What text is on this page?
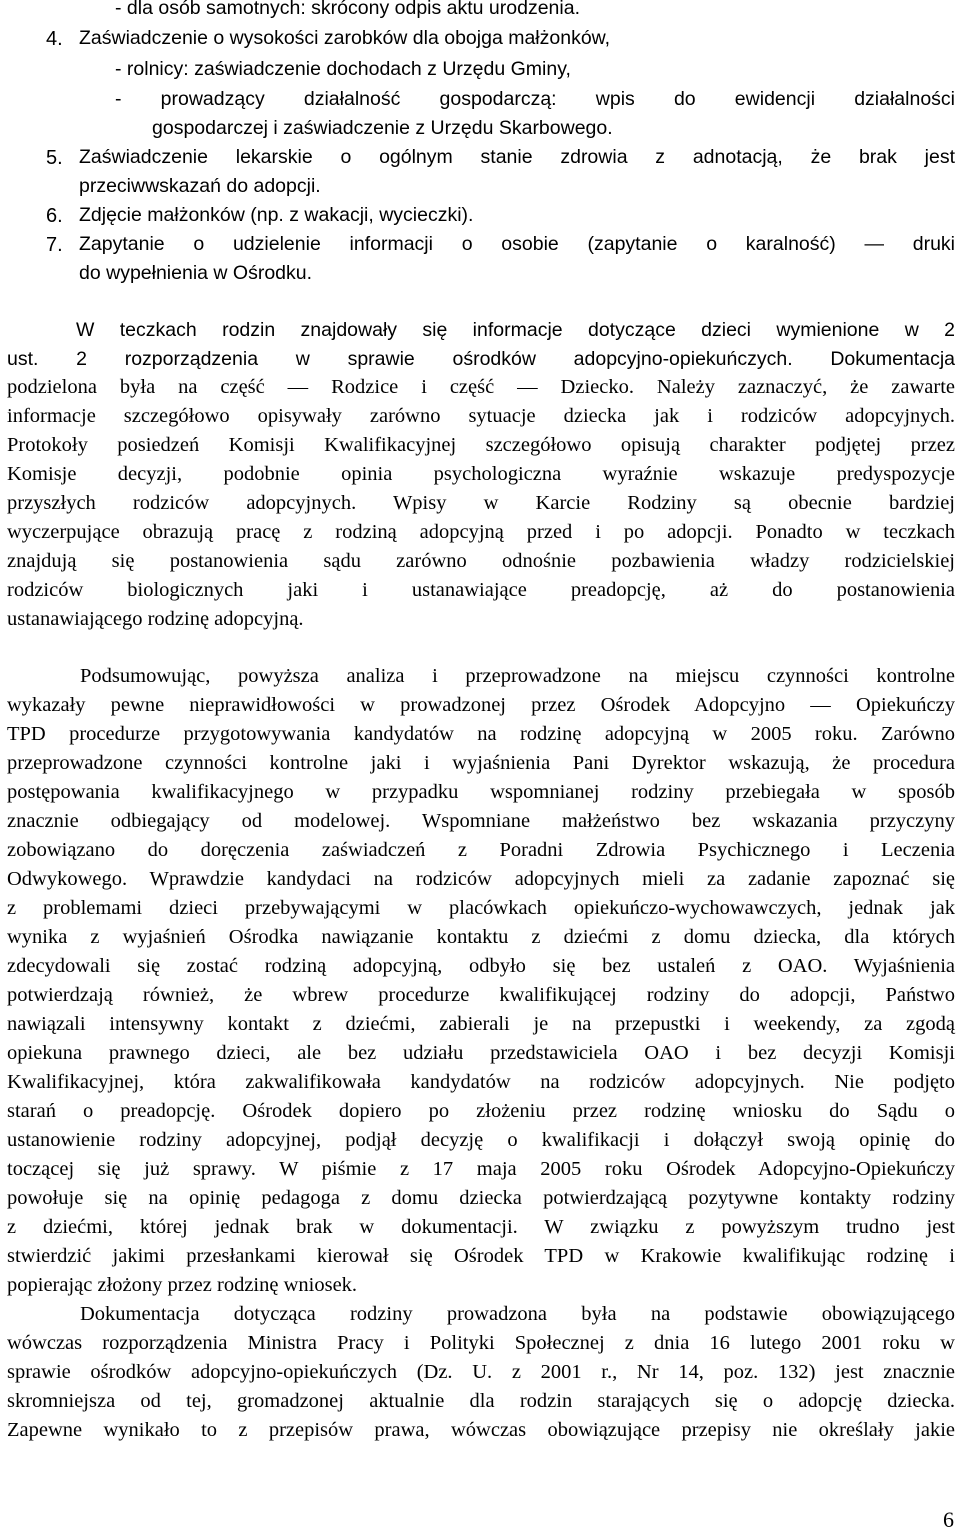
- dla osób samotnych: skrócony odpis aktu urodzenia.

4. Zaświadczenie o wysokości zarobków dla obojga małżonków,

- rolnicy: zaświadczenie dochodach z Urzędu Gminy,

- prowadzący działalność gospodarczą: wpis do ewidencji działalności

gospodarczej i zaświadczenie z Urzędu Skarbowego.

5. Zaświadczenie lekarskie o ogólnym stanie zdrowia z adnotacją, że brak jest

przeciwwskazań do adopcji.

6. Zdjęcie małżonków (np. z wakacji, wycieczki).

7. Zapytanie o udzielenie informacji o osobie (zapytanie o karalność) — druki

do wypełnienia w Ośrodku.

W teczkach rodzin znajdowały się informacje dotyczące dzieci wymienione w 2

ust. 2 rozporządzenia w sprawie ośrodków adopcyjno-opiekuńczych. Dokumentacja

podzielona była na część — Rodzice i część — Dziecko. Należy zaznaczyć, że zawarte

informacje szczegółowo opisywały zarówno sytuacje dziecka jak i rodziców adopcyjnych.

Protokoły posiedzeń Komisji Kwalifikacyjnej szczegółowo opisują charakter podjętej przez

Komisje decyzji, podobnie opinia psychologiczna wyraźnie wskazuje predyspozycje

przyszłych rodziców adopcyjnych. Wpisy w Karcie Rodziny są obecnie bardziej

wyczerpujące obrazują pracę z rodziną adopcyjną przed i po adopcji. Ponadto w teczkach

znajdują się postanowienia sądu zarówno odnośnie pozbawienia władzy rodzicielskiej

rodziców biologicznych jaki i ustanawiające preadopcję, aż do postanowienia

ustanawiającego rodzinę adopcyjną.

Podsumowując, powyższa analiza i przeprowadzone na miejscu czynności kontrolne

wykazały pewne nieprawidłowości w prowadzonej przez Ośrodek Adopcyjno — Opiekuńczy

TPD procedurze przygotowywania kandydatów na rodzinę adopcyjną w 2005 roku. Zarówno

przeprowadzone czynności kontrolne jaki i wyjaśnienia Pani Dyrektor wskazują, że procedura

postępowania kwalifikacyjnego w przypadku wspomnianej rodziny przebiegała w sposób

znacznie odbiegający od modelowej. Wspomniane małżeństwo bez wskazania przyczyny

zobowiązano do doręczenia zaświadczeń z Poradni Zdrowia Psychicznego i Leczenia

Odwykowego. Wprawdzie kandydaci na rodziców adopcyjnych mieli za zadanie zapoznać się

z problemami dzieci przebywającymi w placówkach opiekuńczo-wychowawczych, jednak jak

wynika z wyjaśnień Ośrodka nawiązanie kontaktu z dziećmi z domu dziecka, dla których

zdecydowali się zostać rodziną adopcyjną, odbyło się bez ustaleń z OAO. Wyjaśnienia

potwierdzają również, że wbrew procedurze kwalifikującej rodziny do adopcji, Państwo

nawiązali intensywny kontakt z dziećmi, zabierali je na przepustki i weekendy, za zgodą

opiekuna prawnego dzieci, ale bez udziału przedstawiciela OAO i bez decyzji Komisji

Kwalifikacyjnej, która zakwalifikowała kandydatów na rodziców adopcyjnych. Nie podjęto

starań o preadopcję. Ośrodek dopiero po złożeniu przez rodzinę wniosku do Sądu o

ustanowienie rodziny adopcyjnej, podjął decyzję o kwalifikacji i dołączył swoją opinię do

toczącej się już sprawy. W piśmie z 17 maja 2005 roku Ośrodek Adopcyjno-Opiekuńczy

powołuje się na opinię pedagoga z domu dziecka potwierdzającą pozytywne kontakty rodziny

z dziećmi, której jednak brak w dokumentacji. W związku z powyższym trudno jest

stwierdzić jakimi przesłankami kierował się Ośrodek TPD w Krakowie kwalifikując rodzinę i

popierając złożony przez rodzinę wniosek.

Dokumentacja dotycząca rodziny prowadzona była na podstawie obowiązującego

wówczas rozporządzenia Ministra Pracy i Polityki Społecznej z dnia 16 lutego 2001 roku w

sprawie ośrodków adopcyjno-opiekuńczych (Dz. U. z 2001 r., Nr 14, poz. 132) jest znacznie

skromniejsza od tej, gromadzonej aktualnie dla rodzin starających się o adopcję dziecka.

Zapewne wynikało to z przepisów prawa, wówczas obowiązujące przepisy nie określały jakie

6
